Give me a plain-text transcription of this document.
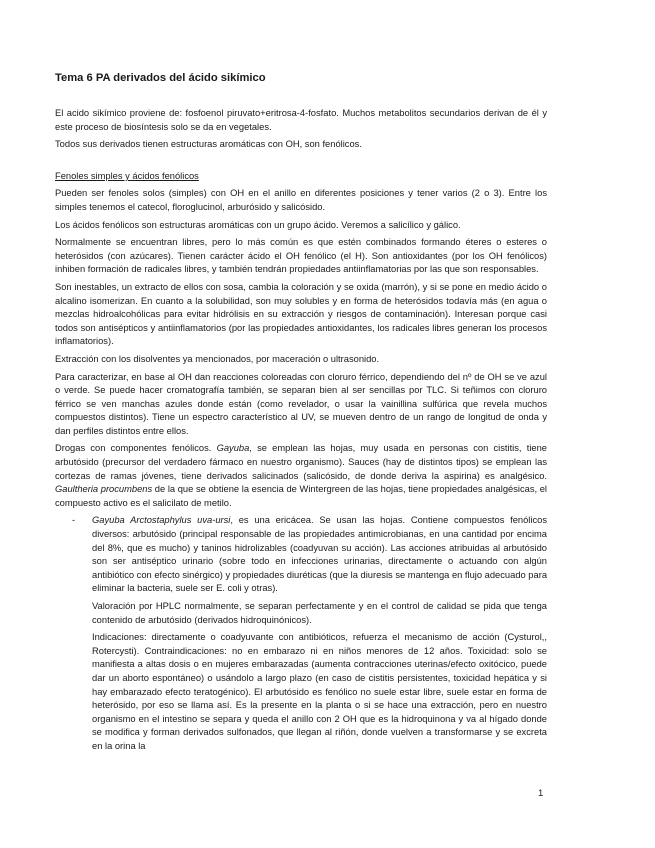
Tema 6 PA derivados del ácido sikímico

El acido sikímico proviene de: fosfoenol piruvato+eritrosa-4-fosfato. Muchos metabolitos secundarios derivan de él y este proceso de biosíntesis solo se da en vegetales.

Todos sus derivados tienen estructuras aromáticas con OH, son fenólicos.

Fenoles simples y ácidos fenólicos

Pueden ser fenoles solos (simples) con OH en el anillo en diferentes posiciones y tener varios (2 o 3). Entre los simples tenemos el catecol, floroglucinol, arburósido y salicósido.

Los ácidos fenólicos son estructuras aromáticas con un grupo ácido. Veremos a salicílico y gálico.

Normalmente se encuentran libres, pero lo más común es que estén combinados formando éteres o esteres o heterósidos (con azúcares). Tienen carácter ácido el OH fenólico (el H). Son antioxidantes (por los OH fenólicos) inhiben formación de radicales libres, y también tendrán propiedades antiinflamatorias por las que son responsables.

Son inestables, un extracto de ellos con sosa, cambia la coloración y se oxida (marrón), y si se pone en medio ácido o alcalino isomerizan. En cuanto a la solubilidad, son muy solubles y en forma de heterósidos todavía más (en agua o mezclas hidroalcohólicas para evitar hidrólisis en su extracción y riesgos de contaminación). Interesan porque casi todos son antisépticos y antiinflamatorios (por las propiedades antioxidantes, los radicales libres generan los procesos inflamatorios).

Extracción con los disolventes ya mencionados, por maceración o ultrasonido.

Para caracterizar, en base al OH dan reacciones coloreadas con cloruro férrico, dependiendo del nº de OH se ve azul o verde. Se puede hacer cromatografía también, se separan bien al ser sencillas por TLC. Si teñimos con cloruro férrico se ven manchas azules donde están (como revelador, o usar la vainillina sulfúrica que revela muchos compuestos distintos). Tiene un espectro característico al UV, se mueven dentro de un rango de longitud de onda y dan perfiles distintos entre ellos.

Drogas con componentes fenólicos. Gayuba, se emplean las hojas, muy usada en personas con cistitis, tiene arbutósido (precursor del verdadero fármaco en nuestro organismo). Sauces (hay de distintos tipos) se emplean las cortezas de ramas jóvenes, tiene derivados salicinados (salicósido, de donde deriva la aspirina) es analgésico. Gaultheria procumbens de la que se obtiene la esencia de Wintergreen de las hojas, tiene propiedades analgésicas, el compuesto activo es el salicilato de metilo.

- Gayuba Arctostaphylus uva-ursi, es una ericácea. Se usan las hojas. Contiene compuestos fenólicos diversos: arbutósido (principal responsable de las propiedades antimicrobianas, en una cantidad por encima del 8%, que es mucho) y taninos hidrolizables (coadyuvan su acción). Las acciones atribuidas al arbutósido son ser antiséptico urinario (sobre todo en infecciones urinarias, directamente o actuando con algún antibiótico con efecto sinérgico) y propiedades diuréticas (que la diuresis se mantenga en flujo adecuado para eliminar la bacteria, suele ser E. coli y otras).

Valoración por HPLC normalmente, se separan perfectamente y en el control de calidad se pida que tenga contenido de arbutósido (derivados hidroquinónicos).

Indicaciones: directamente o coadyuvante con antibióticos, refuerza el mecanismo de acción (Cysturol,, Rotercysti). Contraindicaciones: no en embarazo ni en niños menores de 12 años. Toxicidad: solo se manifiesta a altas dosis o en mujeres embarazadas (aumenta contracciones uterinas/efecto oxitócico, puede dar un aborto espontáneo) o usándolo a largo plazo (en caso de cistitis persistentes, toxicidad hepática y si hay embarazado efecto teratogénico). El arbutósido es fenólico no suele estar libre, suele estar en forma de heterósido, por eso se llama así. Es la presente en la planta o si se hace una extracción, pero en nuestro organismo en el intestino se separa y queda el anillo con 2 OH que es la hidroquinona y va al hígado donde se modifica y forman derivados sulfonados, que llegan al riñón, donde vuelven a transformarse y se excreta en la orina la

1
